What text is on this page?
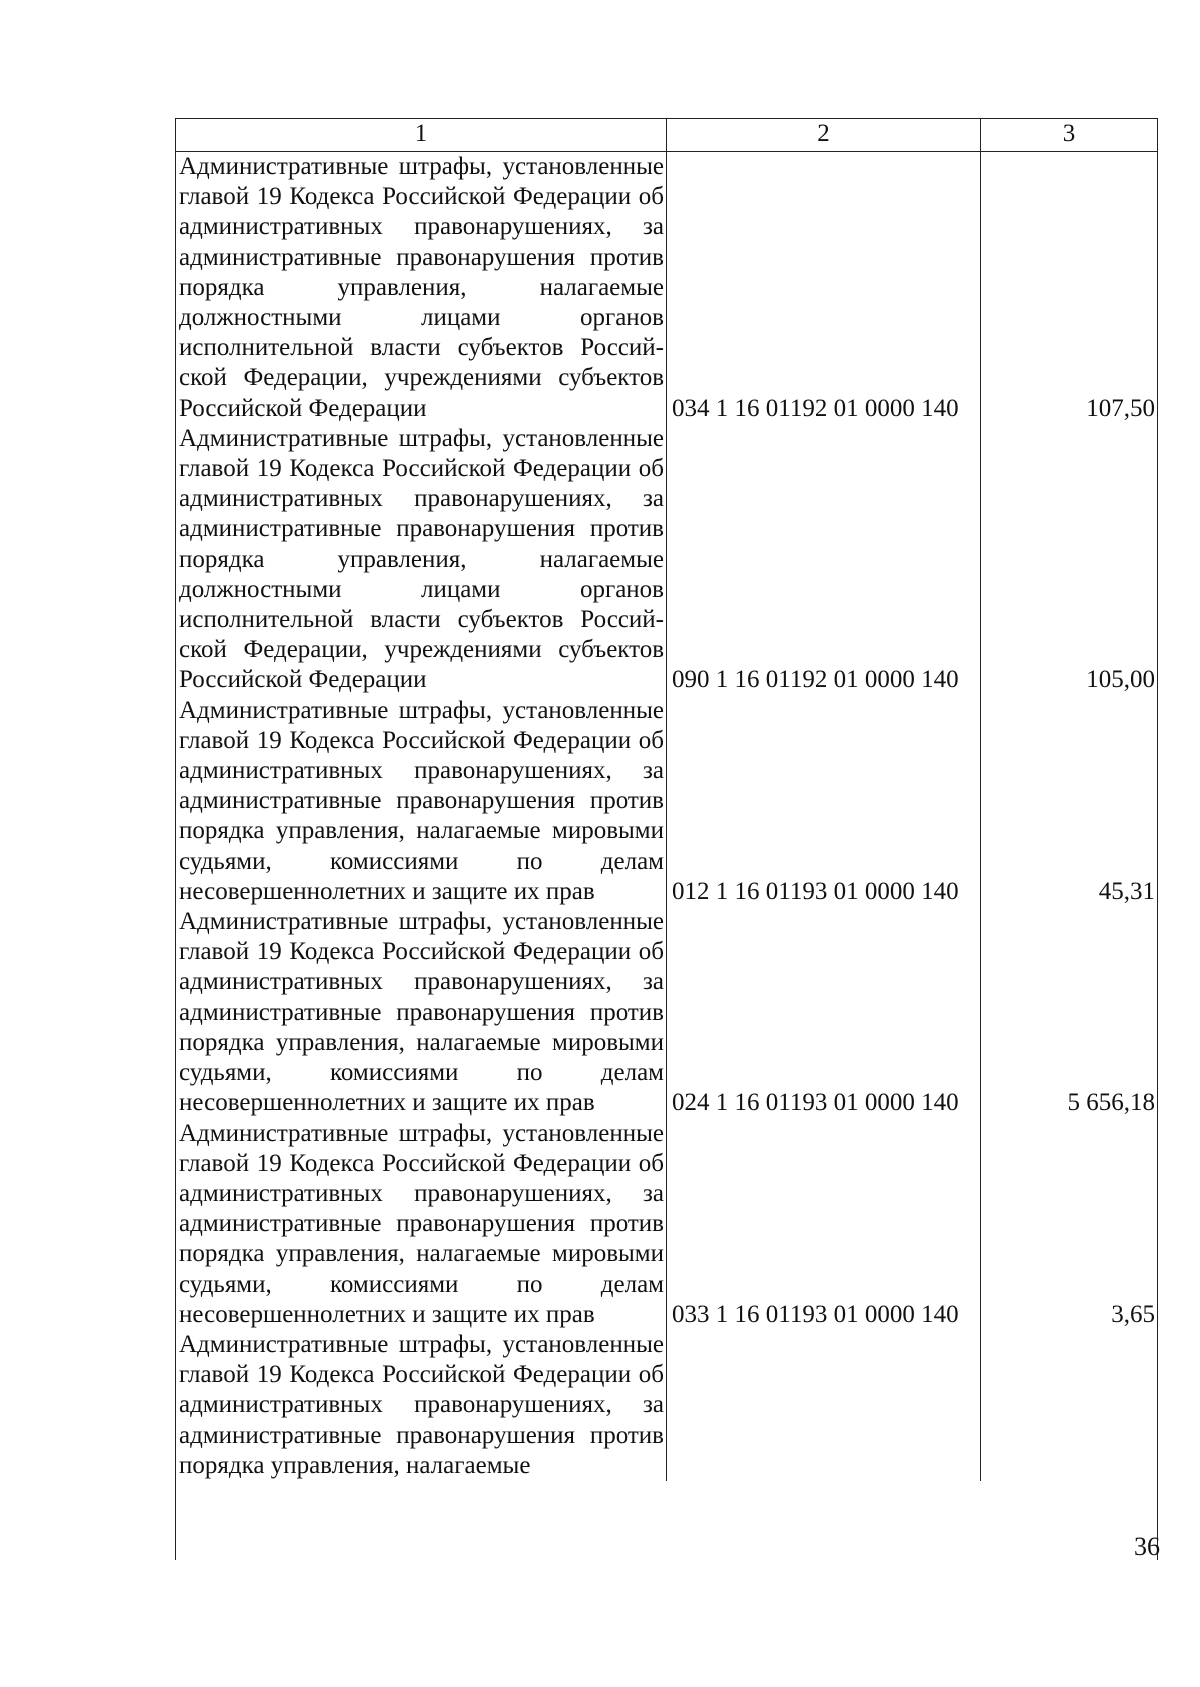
1	2	3
Административные штрафы, установленные главой 19 Кодекса Российской Федерации об административных правонарушениях, за административные правонарушения против порядка управления, налагаемые должностными лицами органов исполнительной власти субъектов Российской Федерации, учреждениями субъектов Российской Федерации	034 1 16 01192 01 0000 140	107,50
Административные штрафы, установленные главой 19 Кодекса Российской Федерации об административных правонарушениях, за административные правонарушения против порядка управления, налагаемые должностными лицами органов исполнительной власти субъектов Российской Федерации, учреждениями субъектов Российской Федерации	090 1 16 01192 01 0000 140	105,00
Административные штрафы, установленные главой 19 Кодекса Российской Федерации об административных правонарушениях, за административные правонарушения против порядка управления, налагаемые мировыми судьями, комиссиями по делам несовершеннолетних и защите их прав	012 1 16 01193 01 0000 140	45,31
Административные штрафы, установленные главой 19 Кодекса Российской Федерации об административных правонарушениях, за административные правонарушения против порядка управления, налагаемые мировыми судьями, комиссиями по делам несовершеннолетних и защите их прав	024 1 16 01193 01 0000 140	5 656,18
Административные штрафы, установленные главой 19 Кодекса Российской Федерации об административных правонарушениях, за административные правонарушения против порядка управления, налагаемые мировыми судьями, комиссиями по делам несовершеннолетних и защите их прав	033 1 16 01193 01 0000 140	3,65
Административные штрафы, установленные главой 19 Кодекса Российской Федерации об административных правонарушениях, за административные правонарушения против порядка управления, налагаемые
36
